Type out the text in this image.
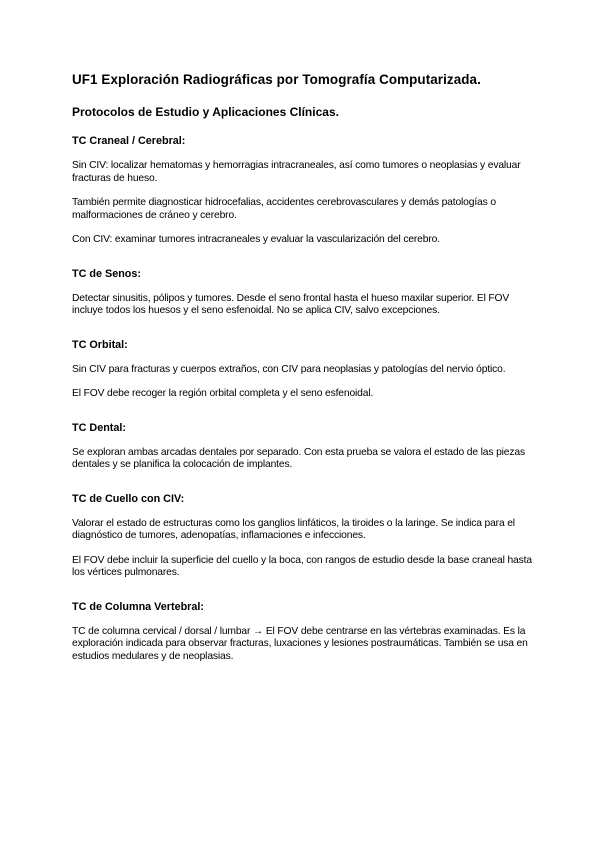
UF1 Exploración Radiográficas por Tomografía Computarizada.
Protocolos de Estudio y Aplicaciones Clínicas.
TC Craneal / Cerebral:

Sin CIV: localizar hematomas y hemorragias intracraneales, así como tumores o neoplasias y evaluar fracturas de hueso.

También permite diagnosticar hidrocefalias, accidentes cerebrovasculares y demás patologías o malformaciones de cráneo y cerebro.

Con CIV: examinar tumores intracraneales y evaluar la vascularización del cerebro.

TC de Senos:

Detectar sinusitis, pólipos y tumores. Desde el seno frontal hasta el hueso maxilar superior. El FOV incluye todos los huesos y el seno esfenoidal. No se aplica CIV, salvo excepciones.

TC Orbital:

Sin CIV para fracturas y cuerpos extraños, con CIV para neoplasias y patologías del nervio óptico.

El FOV debe recoger la región orbital completa y el seno esfenoidal.

TC Dental:

Se exploran ambas arcadas dentales por separado. Con esta prueba se valora el estado de las piezas dentales y se planifica la colocación de implantes.

TC de Cuello con CIV:

Valorar el estado de estructuras como los ganglios linfáticos, la tiroides o la laringe. Se indica para el diagnóstico de tumores, adenopatías, inflamaciones e infecciones.

El FOV debe incluir la superficie del cuello y la boca, con rangos de estudio desde la base craneal hasta los vértices pulmonares.

TC de Columna Vertebral:

TC de columna cervical / dorsal / lumbar → El FOV debe centrarse en las vértebras examinadas. Es la exploración indicada para observar fracturas, luxaciones y lesiones postraumáticas. También se usa en estudios medulares y de neoplasias.
